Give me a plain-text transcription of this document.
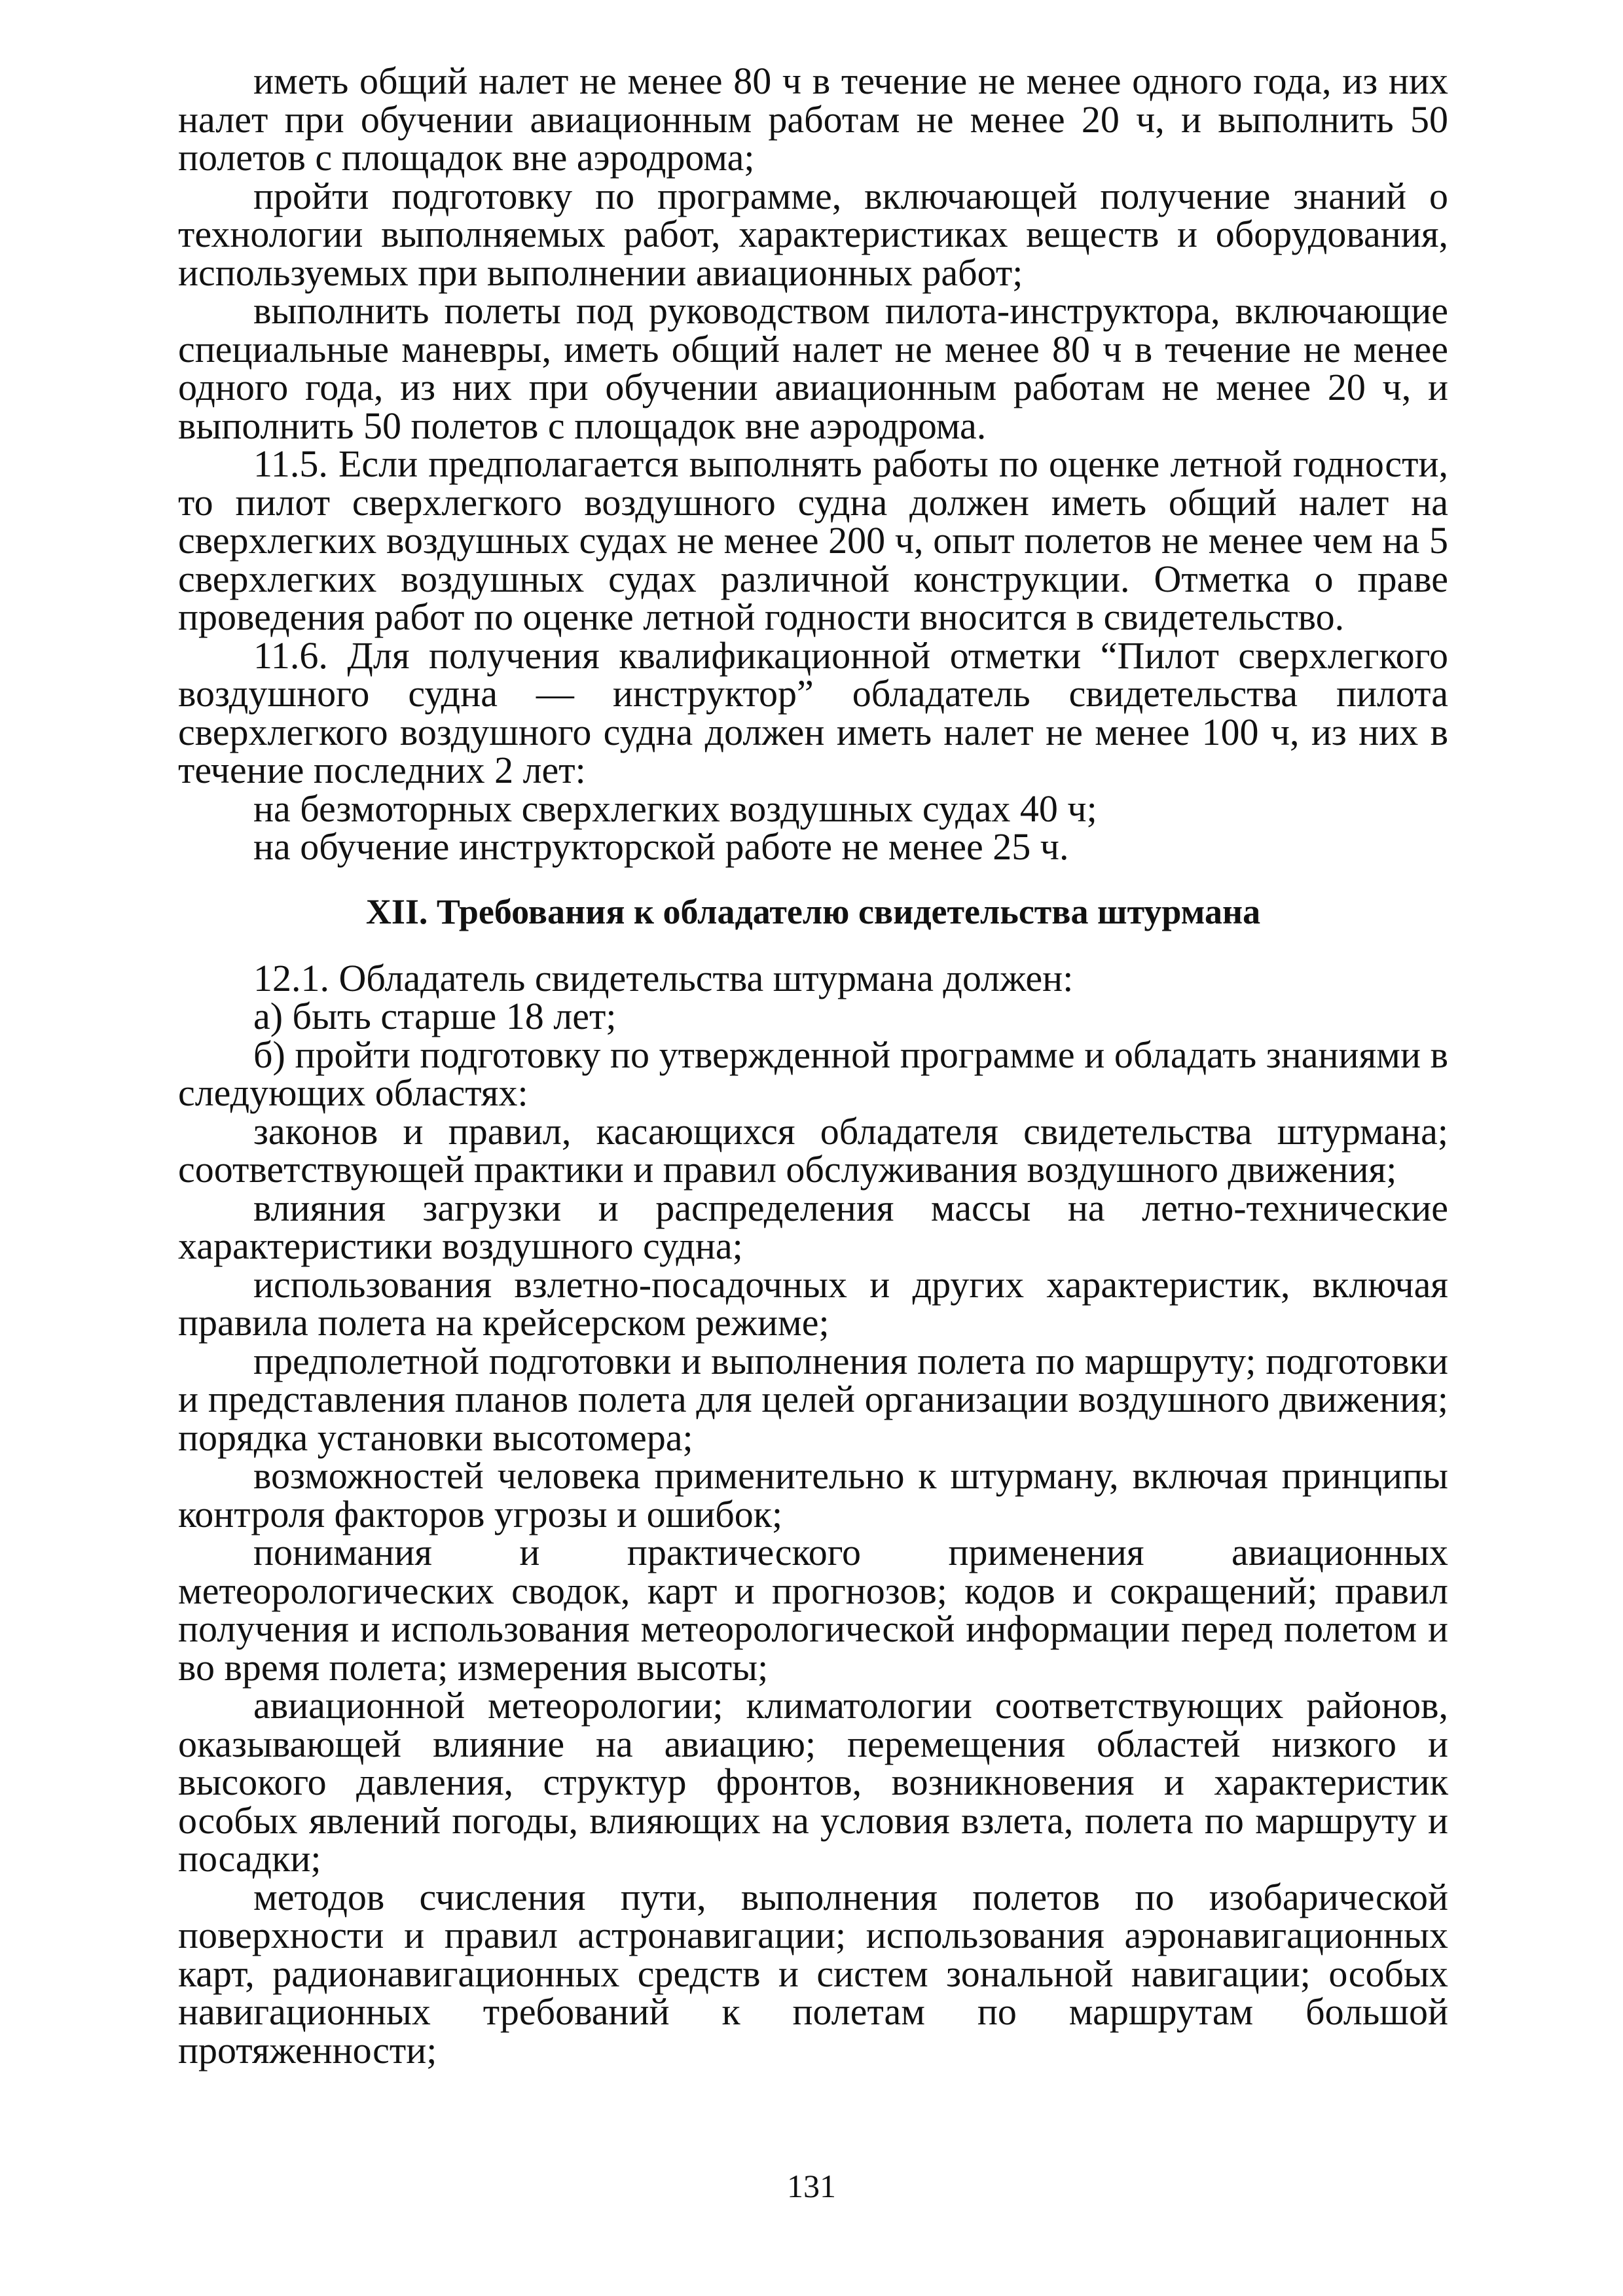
иметь общий налет не менее 80 ч в течение не менее одного года, из них налет при обучении авиационным работам не менее 20 ч, и выполнить 50 полетов с площадок вне аэродрома;

пройти подготовку по программе, включающей получение знаний о технологии выполняемых работ, характеристиках веществ и оборудования, используемых при выполнении авиационных работ;

выполнить полеты под руководством пилота-инструктора, включающие специальные маневры, иметь общий налет не менее 80 ч в течение не менее одного года, из них при обучении авиационным работам не менее 20 ч, и выполнить 50 полетов с площадок вне аэродрома.

11.5. Если предполагается выполнять работы по оценке летной годности, то пилот сверхлегкого воздушного судна должен иметь общий налет на сверхлегких воздушных судах не менее 200 ч, опыт полетов не менее чем на 5 сверхлегких воздушных судах различной конструкции. Отметка о праве проведения работ по оценке летной годности вносится в свидетельство.

11.6. Для получения квалификационной отметки “Пилот сверхлегкого воздушного судна — инструктор” обладатель свидетельства пилота сверхлегкого воздушного судна должен иметь налет не менее 100 ч, из них в течение последних 2 лет:

на безмоторных сверхлегких воздушных судах 40 ч;

на обучение инструкторской работе не менее 25 ч.

XII. Требования к обладателю свидетельства штурмана

12.1. Обладатель свидетельства штурмана должен:

а) быть старше 18 лет;

б) пройти подготовку по утвержденной программе и обладать знаниями в следующих областях:

законов и правил, касающихся обладателя свидетельства штурмана; соответствующей практики и правил обслуживания воздушного движения;

влияния загрузки и распределения массы на летно-технические характеристики воздушного судна;

использования взлетно-посадочных и других характеристик, включая правила полета на крейсерском режиме;

предполетной подготовки и выполнения полета по маршруту; подготовки и представления планов полета для целей организации воздушного движения; порядка установки высотомера;

возможностей человека применительно к штурману, включая принципы контроля факторов угрозы и ошибок;

понимания и практического применения авиационных метеорологических сводок, карт и прогнозов; кодов и сокращений; правил получения и использования метеорологической информации перед полетом и во время полета; измерения высоты;

авиационной метеорологии; климатологии соответствующих районов, оказывающей влияние на авиацию; перемещения областей низкого и высокого давления, структур фронтов, возникновения и характеристик особых явлений погоды, влияющих на условия взлета, полета по маршруту и посадки;

методов счисления пути, выполнения полетов по изобарической поверхности и правил астронавигации; использования аэронавигационных карт, радионавигационных средств и систем зональной навигации; особых навигационных требований к полетам по маршрутам большой протяженности;

131
